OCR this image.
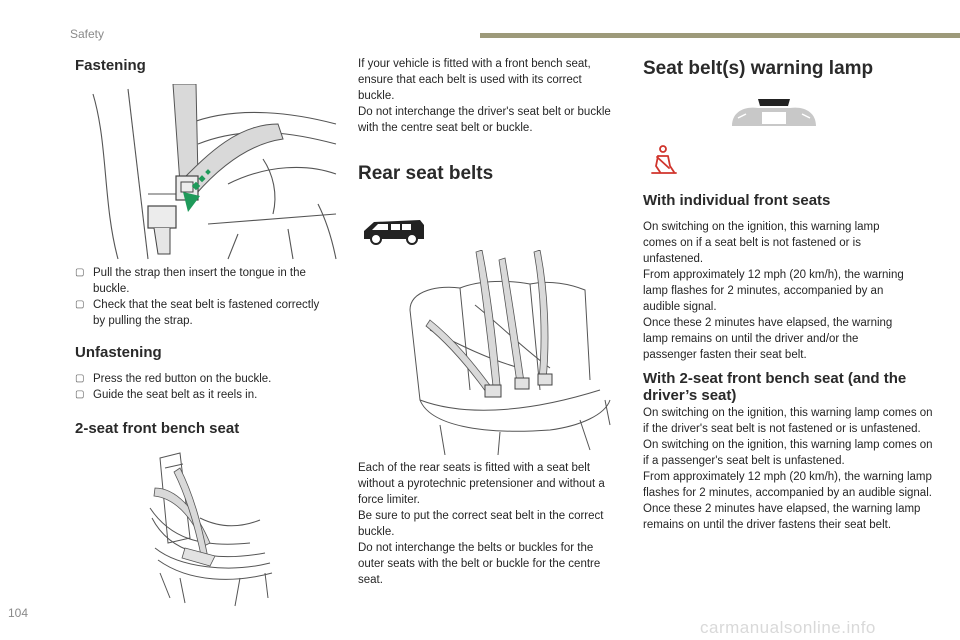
Safety
104
carmanualsonline.info
Fastening
▢ Pull the strap then insert the tongue in the buckle.
▢ Check that the seat belt is fastened correctly by pulling the strap.
Unfastening
▢ Press the red button on the buckle.
▢ Guide the seat belt as it reels in.
2-seat front bench seat

If your vehicle is fitted with a front bench seat, ensure that each belt is used with its correct buckle.
Do not interchange the driver's seat belt or buckle with the centre seat belt or buckle.

Rear seat belts

Each of the rear seats is fitted with a seat belt without a pyrotechnic pretensioner and without a force limiter.
Be sure to put the correct seat belt in the correct buckle.
Do not interchange the belts or buckles for the outer seats with the belt or buckle for the centre seat.

Seat belt(s) warning lamp
With individual front seats

On switching on the ignition, this warning lamp comes on if a seat belt is not fastened or is unfastened.
From approximately 12 mph (20 km/h), the warning lamp flashes for 2 minutes, accompanied by an audible signal.
Once these 2 minutes have elapsed, the warning lamp remains on until the driver and/or the passenger fasten their seat belt.

With 2-seat front bench seat (and the driver’s seat)

On switching on the ignition, this warning lamp comes on if the driver's seat belt is not fastened or is unfastened.
On switching on the ignition, this warning lamp comes on if a passenger's seat belt is unfastened.
From approximately 12 mph (20 km/h), the warning lamp flashes for 2 minutes, accompanied by an audible signal.
Once these 2 minutes have elapsed, the warning lamp remains on until the driver fastens their seat belt.
